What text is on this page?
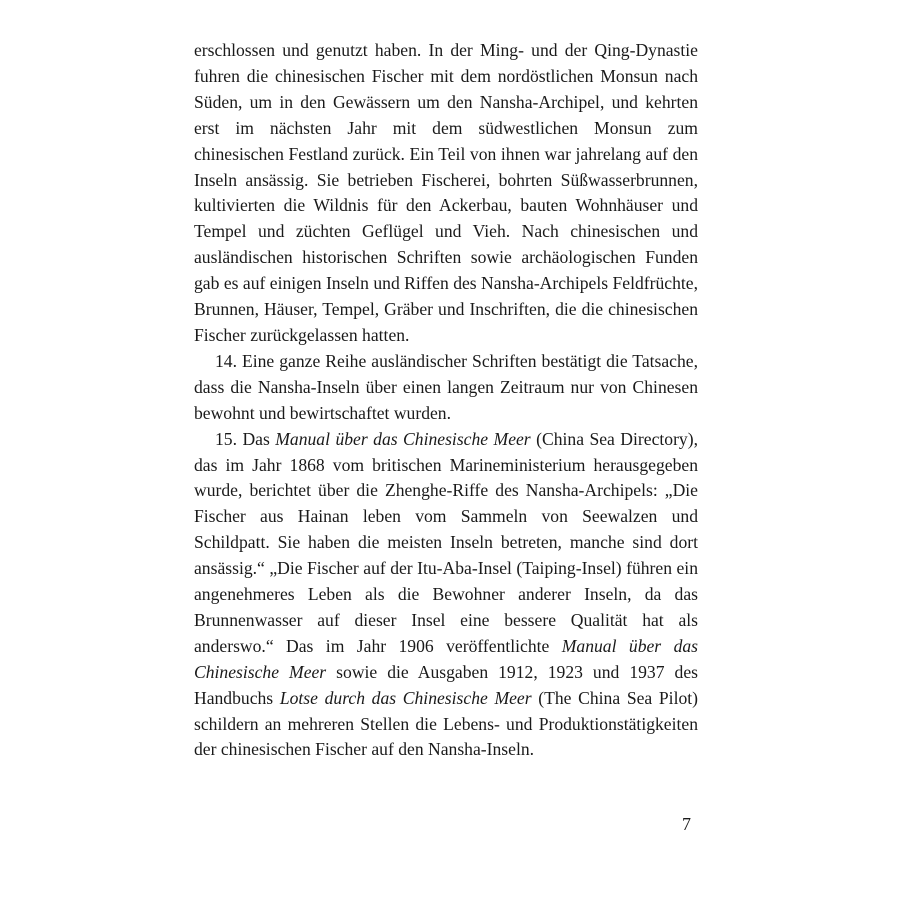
erschlossen und genutzt haben. In der Ming- und der Qing-Dynastie fuhren die chinesischen Fischer mit dem nordöstlichen Monsun nach Süden, um in den Gewässern um den Nansha-Archipel, und kehrten erst im nächsten Jahr mit dem südwestlichen Monsun zum chinesischen Festland zurück. Ein Teil von ihnen war jahrelang auf den Inseln ansässig. Sie betrieben Fischerei, bohrten Süßwasserbrunnen, kultivierten die Wildnis für den Ackerbau, bauten Wohnhäuser und Tempel und züchten Geflügel und Vieh. Nach chinesischen und ausländischen historischen Schriften sowie archäologischen Funden gab es auf einigen Inseln und Riffen des Nansha-Archipels Feldfrüchte, Brunnen, Häuser, Tempel, Gräber und Inschriften, die die chinesischen Fischer zurückgelassen hatten.

14. Eine ganze Reihe ausländischer Schriften bestätigt die Tatsache, dass die Nansha-Inseln über einen langen Zeitraum nur von Chinesen bewohnt und bewirtschaftet wurden.

15. Das Manual über das Chinesische Meer (China Sea Directory), das im Jahr 1868 vom britischen Marineministerium herausgegeben wurde, berichtet über die Zhenghe-Riffe des Nansha-Archipels: „Die Fischer aus Hainan leben vom Sammeln von Seewalzen und Schildpatt. Sie haben die meisten Inseln betreten, manche sind dort ansässig.“ „Die Fischer auf der Itu-Aba-Insel (Taiping-Insel) führen ein angenehmeres Leben als die Bewohner anderer Inseln, da das Brunnenwasser auf dieser Insel eine bessere Qualität hat als anderswo.“ Das im Jahr 1906 veröffentlichte Manual über das Chinesische Meer sowie die Ausgaben 1912, 1923 und 1937 des Handbuchs Lotse durch das Chinesische Meer (The China Sea Pilot) schildern an mehreren Stellen die Lebens- und Produktionstätigkeiten der chinesischen Fischer auf den Nansha-Inseln.

7
